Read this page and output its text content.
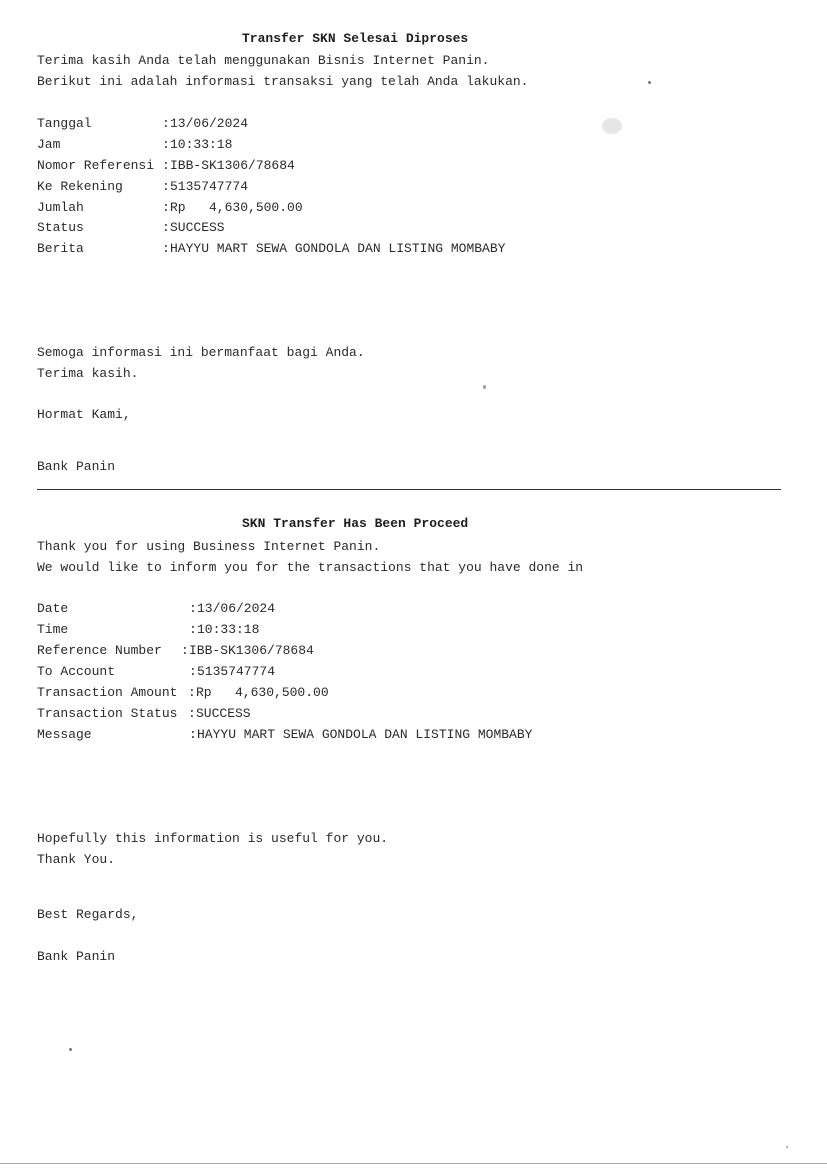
Transfer SKN Selesai Diproses
Terima kasih Anda telah menggunakan Bisnis Internet Panin.
Berikut ini adalah informasi transaksi yang telah Anda lakukan.
Tanggal	: 13/06/2024
Jam	: 10:33:18
Nomor Referensi : IBB-SK1306/78684
Ke Rekening	: 5135747774
Jumlah	: Rp   4,630,500.00
Status	: SUCCESS
Berita	: HAYYU MART SEWA GONDOLA DAN LISTING MOMBABY
Semoga informasi ini bermanfaat bagi Anda.
Terima kasih.
Hormat Kami,
Bank Panin
SKN Transfer Has Been Proceed
Thank you for using Business Internet Panin.
We would like to inform you for the transactions that you have done in
Date	: 13/06/2024
Time	: 10:33:18
Reference Number : IBB-SK1306/78684
To Account	: 5135747774
Transaction Amount : Rp   4,630,500.00
Transaction Status : SUCCESS
Message	: HAYYU MART SEWA GONDOLA DAN LISTING MOMBABY
Hopefully this information is useful for you.
Thank You.
Best Regards,
Bank Panin
